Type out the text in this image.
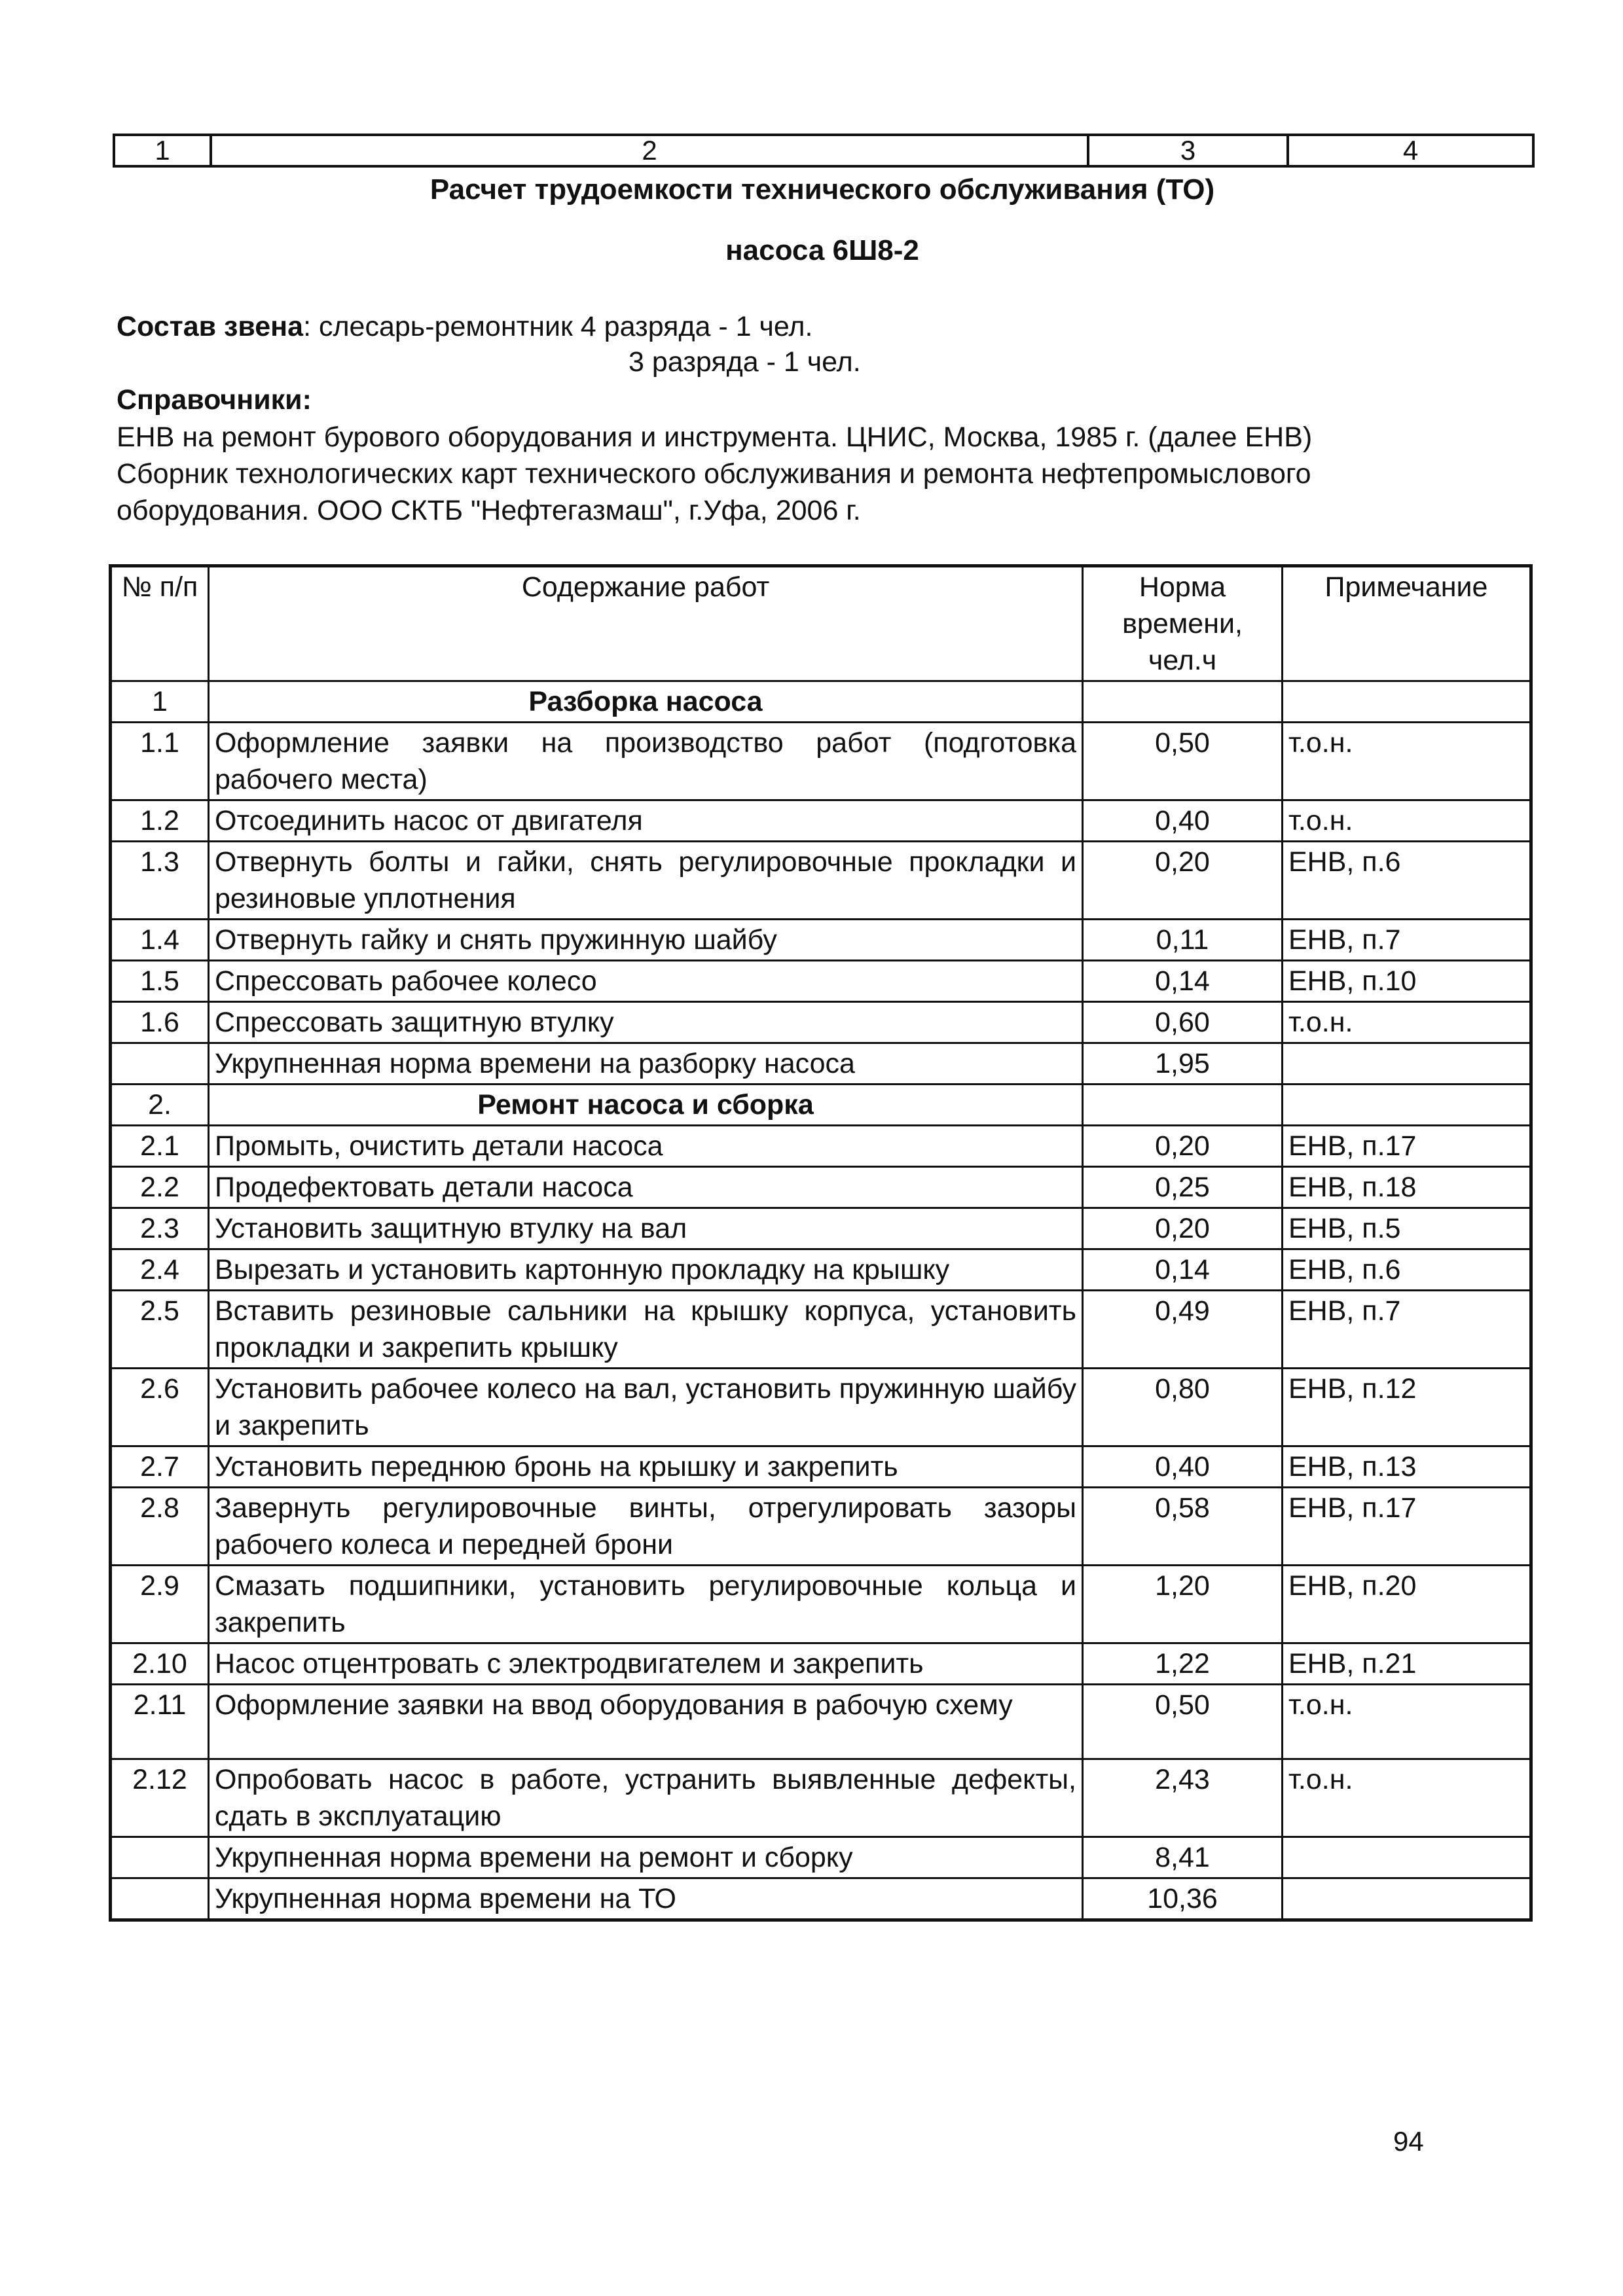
1	2	3	4
Расчет трудоемкости технического обслуживания (ТО)
насоса 6Ш8-2
Состав звена: слесарь-ремонтник 4 разряда - 1 чел.
3 разряда - 1 чел.
Справочники:
ЕНВ на ремонт бурового оборудования и инструмента. ЦНИС, Москва, 1985 г. (далее ЕНВ)
Сборник технологических карт технического обслуживания и ремонта нефтепромыслового
оборудования. ООО СКТБ "Нефтегазмаш", г.Уфа, 2006 г.
№ п/п	Содержание работ	Норма времени, чел.ч	Примечание
1	Разборка насоса		
1.1	Оформление заявки на производство работ (подготовка рабочего места)	0,50	т.о.н.
1.2	Отсоединить насос от двигателя	0,40	т.о.н.
1.3	Отвернуть болты и гайки, снять регулировочные прокладки и резиновые уплотнения	0,20	ЕНВ, п.6
1.4	Отвернуть гайку и снять пружинную шайбу	0,11	ЕНВ, п.7
1.5	Спрессовать рабочее колесо	0,14	ЕНВ, п.10
1.6	Спрессовать защитную втулку	0,60	т.о.н.
	Укрупненная норма времени на разборку насоса	1,95	
2.	Ремонт насоса и сборка		
2.1	Промыть, очистить детали насоса	0,20	ЕНВ, п.17
2.2	Продефектовать детали насоса	0,25	ЕНВ, п.18
2.3	Установить защитную втулку на вал	0,20	ЕНВ, п.5
2.4	Вырезать и установить картонную прокладку на крышку	0,14	ЕНВ, п.6
2.5	Вставить резиновые сальники на крышку корпуса, установить прокладки и закрепить крышку	0,49	ЕНВ, п.7
2.6	Установить рабочее колесо на вал, установить пружинную шайбу и закрепить	0,80	ЕНВ, п.12
2.7	Установить переднюю бронь на крышку и закрепить	0,40	ЕНВ, п.13
2.8	Завернуть регулировочные винты, отрегулировать зазоры рабочего колеса и передней брони	0,58	ЕНВ, п.17
2.9	Смазать подшипники, установить регулировочные кольца и закрепить	1,20	ЕНВ, п.20
2.10	Насос отцентровать с электродвигателем и закрепить	1,22	ЕНВ, п.21
2.11	Оформление заявки на ввод оборудования в рабочую схему	0,50	т.о.н.
2.12	Опробовать насос в работе, устранить выявленные дефекты, сдать в эксплуатацию	2,43	т.о.н.
	Укрупненная норма времени на ремонт и сборку	8,41	
	Укрупненная норма времени на ТО	10,36	
94
